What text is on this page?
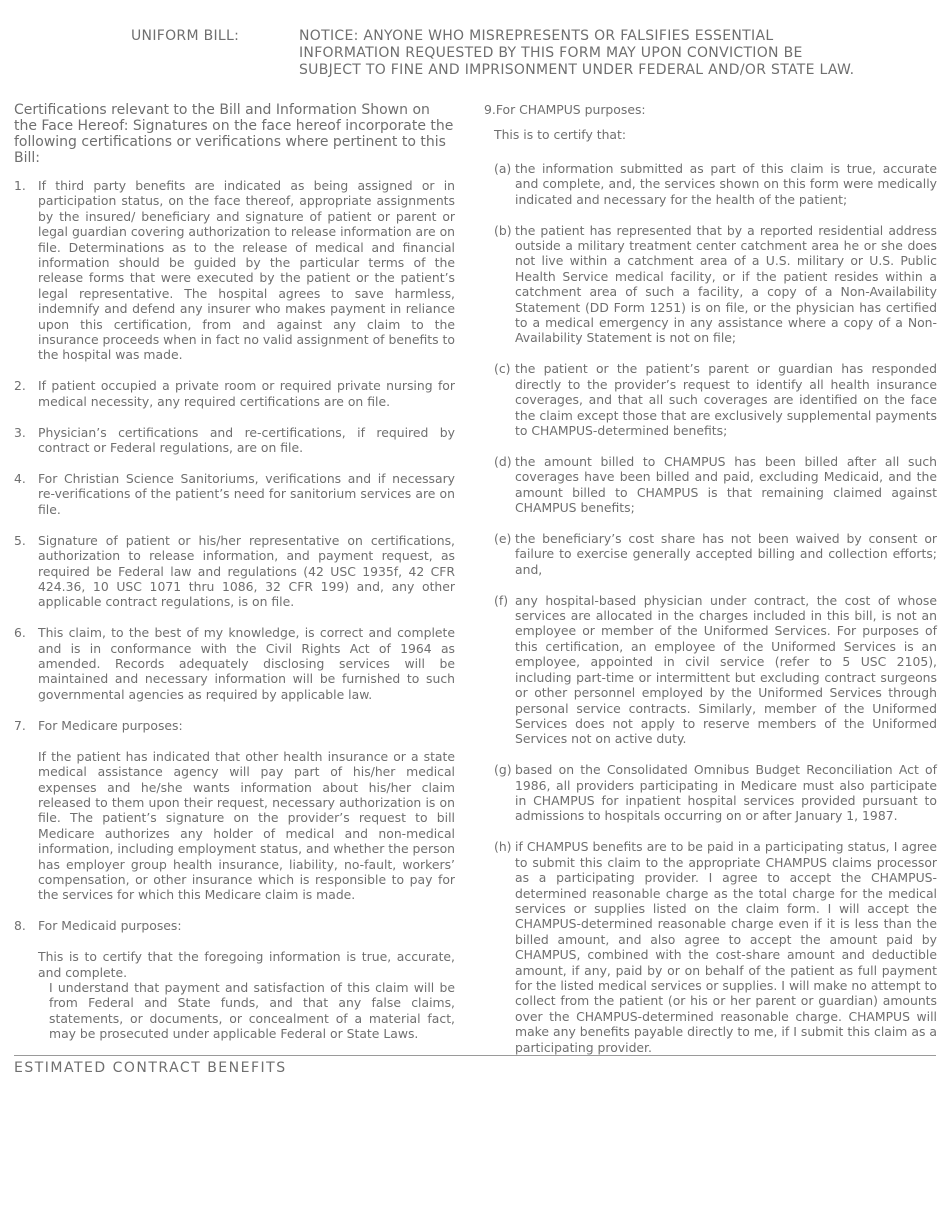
UNIFORM BILL:	NOTICE: ANYONE WHO MISREPRESENTS OR FALSIFIES ESSENTIAL
INFORMATION REQUESTED BY THIS FORM MAY UPON CONVICTION BE
SUBJECT TO FINE AND IMPRISONMENT UNDER FEDERAL AND/OR STATE LAW.

Certifications relevant to the Bill and Information Shown on the Face Hereof: Signatures on the face hereof incorporate the following certifications or verifications where pertinent to this Bill:

1. If third party benefits are indicated as being assigned or in participation status, on the face thereof, appropriate assignments by the insured/ beneficiary and signature of patient or parent or legal guardian covering authorization to release information are on file. Determinations as to the release of medical and financial information should be guided by the particular terms of the release forms that were executed by the patient or the patient’s legal representative. The hospital agrees to save harmless, indemnify and defend any insurer who makes payment in reliance upon this certification, from and against any claim to the insurance proceeds when in fact no valid assignment of benefits to the hospital was made.

2. If patient occupied a private room or required private nursing for medical necessity, any required certifications are on file.

3. Physician’s certifications and re-certifications, if required by contract or Federal regulations, are on file.

4. For Christian Science Sanitoriums, verifications and if necessary re-verifications of the patient’s need for sanitorium services are on file.

5. Signature of patient or his/her representative on certifications, authorization to release information, and payment request, as required be Federal law and regulations (42 USC 1935f, 42 CFR 424.36, 10 USC 1071 thru 1086, 32 CFR 199) and, any other applicable contract regulations, is on file.

6. This claim, to the best of my knowledge, is correct and complete and is in conformance with the Civil Rights Act of 1964 as amended. Records adequately disclosing services will be maintained and necessary information will be furnished to such governmental agencies as required by applicable law.

7. For Medicare purposes:

If the patient has indicated that other health insurance or a state medical assistance agency will pay part of his/her medical expenses and he/she wants information about his/her claim released to them upon their request, necessary authorization is on file. The patient’s signature on the provider’s request to bill Medicare authorizes any holder of medical and non-medical information, including employment status, and whether the person has employer group health insurance, liability, no-fault, workers’ compensation, or other insurance which is responsible to pay for the services for which this Medicare claim is made.

8. For Medicaid purposes:

This is to certify that the foregoing information is true, accurate, and complete.

I understand that payment and satisfaction of this claim will be from Federal and State funds, and that any false claims, statements, or documents, or concealment of a material fact, may be prosecuted under applicable Federal or State Laws.

9.For CHAMPUS purposes:

This is to certify that:

(a) the information submitted as part of this claim is true, accurate and complete, and, the services shown on this form were medically indicated and necessary for the health of the patient;
(b) the patient has represented that by a reported residential address outside a military treatment center catchment area he or she does not live within a catchment area of a U.S. military or U.S. Public Health Service medical facility, or if the patient resides within a catchment area of such a facility, a copy of a Non-Availability Statement (DD Form 1251) is on file, or the physician has certified to a medical emergency in any assistance where a copy of a Non-Availability Statement is not on file;
(c) the patient or the patient’s parent or guardian has responded directly to the provider’s request to identify all health insurance coverages, and that all such coverages are identified on the face the claim except those that are exclusively supplemental payments to CHAMPUS-determined benefits;
(d) the amount billed to CHAMPUS has been billed after all such coverages have been billed and paid, excluding Medicaid, and the amount billed to CHAMPUS is that remaining claimed against CHAMPUS benefits;
(e) the beneficiary’s cost share has not been waived by consent or failure to exercise generally accepted billing and collection efforts; and,
(f) any hospital-based physician under contract, the cost of whose services are allocated in the charges included in this bill, is not an employee or member of the Uniformed Services. For purposes of this certification, an employee of the Uniformed Services is an employee, appointed in civil service (refer to 5 USC 2105), including part-time or intermittent but excluding contract surgeons or other personnel employed by the Uniformed Services through personal service contracts. Similarly, member of the Uniformed Services does not apply to reserve members of the Uniformed Services not on active duty.
(g) based on the Consolidated Omnibus Budget Reconciliation Act of 1986, all providers participating in Medicare must also participate in CHAMPUS for inpatient hospital services provided pursuant to admissions to hospitals occurring on or after January 1, 1987.
(h) if CHAMPUS benefits are to be paid in a participating status, I agree to submit this claim to the appropriate CHAMPUS claims processor as a participating provider. I agree to accept the CHAMPUS-determined reasonable charge as the total charge for the medical services or supplies listed on the claim form. I will accept the CHAMPUS-determined reasonable charge even if it is less than the billed amount, and also agree to accept the amount paid by CHAMPUS, combined with the cost-share amount and deductible amount, if any, paid by or on behalf of the patient as full payment for the listed medical services or supplies. I will make no attempt to collect from the patient (or his or her parent or guardian) amounts over the CHAMPUS-determined reasonable charge. CHAMPUS will make any benefits payable directly to me, if I submit this claim as a participating provider.
ESTIMATED CONTRACT BENEFITS
